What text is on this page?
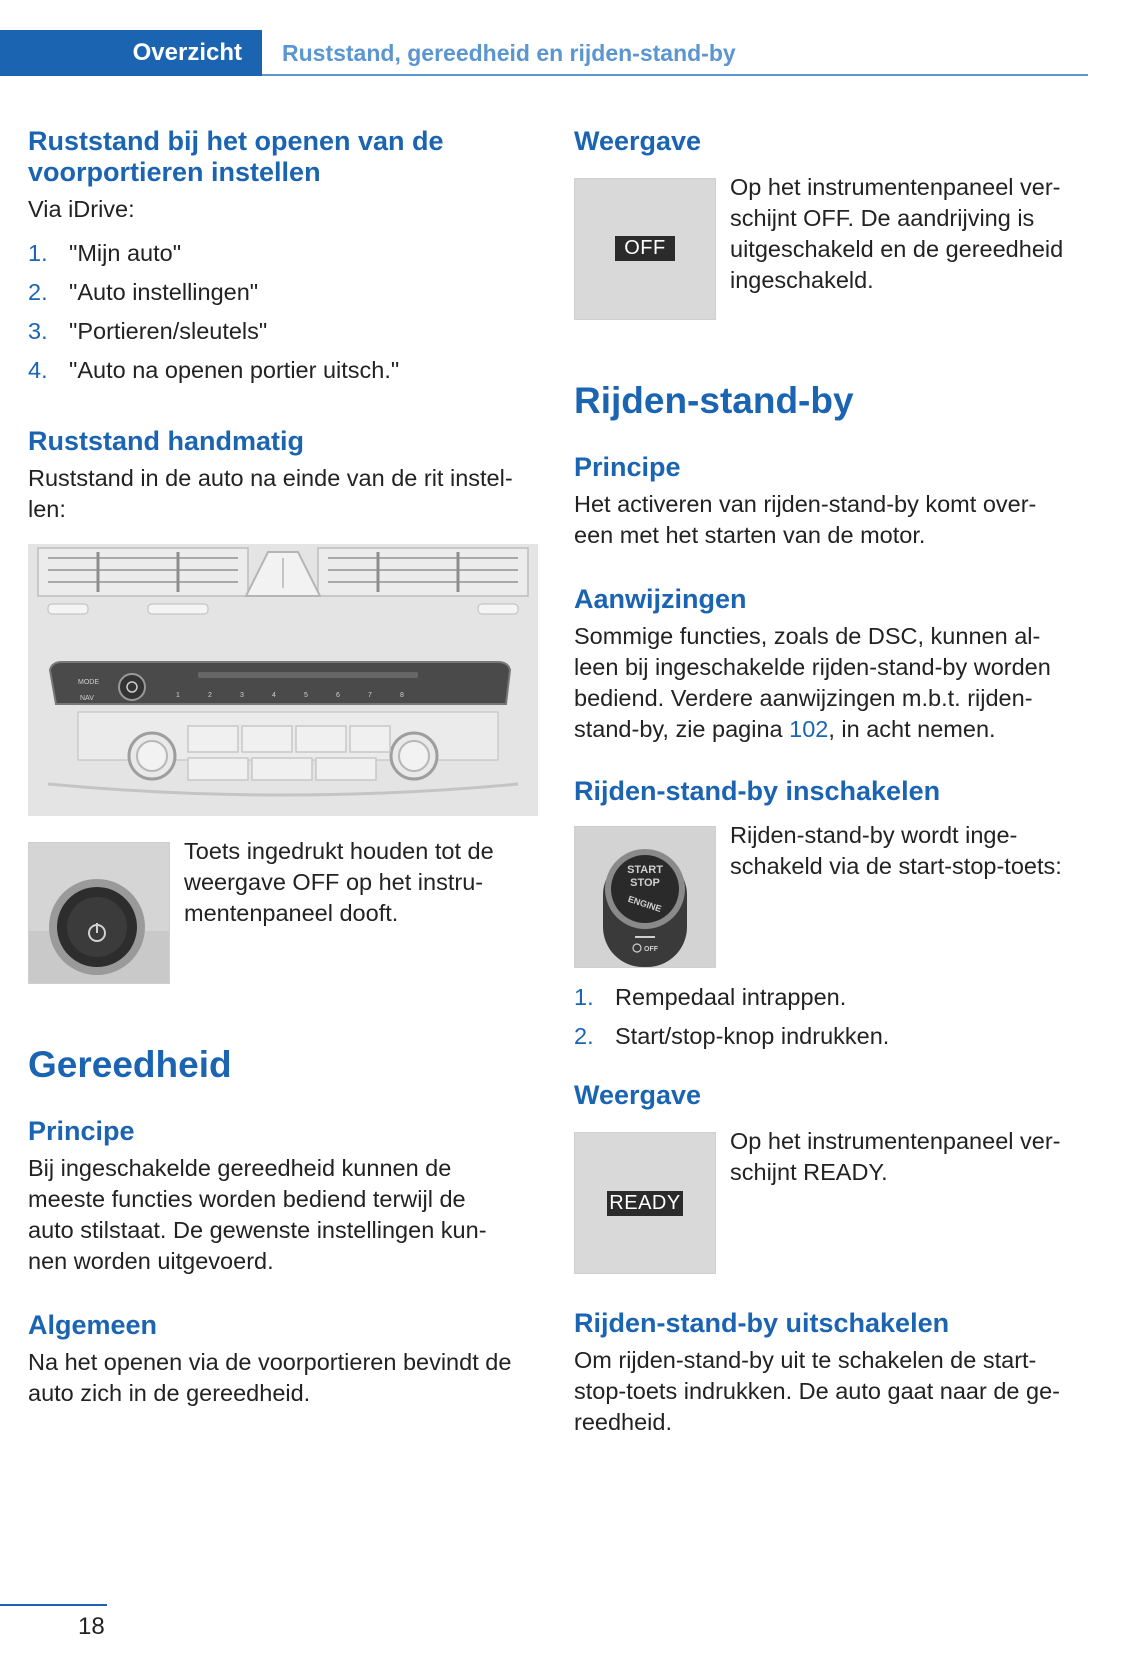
Overzicht	Ruststand, gereedheid en rijden-stand-by
Ruststand bij het openen van de
voorportieren instellen
Via iDrive:
1. "Mijn auto"
2. "Auto instellingen"
3. "Portieren/sleutels"
4. "Auto na openen portier uitsch."
Ruststand handmatig
Ruststand in de auto na einde van de rit instel-
len:
MODE
NAV	1	2	3	4	5	6	7	8
Toets ingedrukt houden tot de
weergave OFF op het instru-
mentenpaneel dooft.
Gereedheid
Principe
Bij ingeschakelde gereedheid kunnen de
meeste functies worden bediend terwijl de
auto stilstaat. De gewenste instellingen kun-
nen worden uitgevoerd.
Algemeen
Na het openen via de voorportieren bevindt de
auto zich in de gereedheid.
Weergave
OFF
Op het instrumentenpaneel ver-
schijnt OFF. De aandrijving is
uitgeschakeld en de gereedheid
ingeschakeld.
Rijden-stand-by
Principe
Het activeren van rijden-stand-by komt over-
een met het starten van de motor.
Aanwijzingen
Sommige functies, zoals de DSC, kunnen al-
leen bij ingeschakelde rijden-stand-by worden
bediend. Verdere aanwijzingen m.b.t. rijden-
stand-by, zie pagina 102, in acht nemen.
Rijden-stand-by inschakelen
START
STOP
ENGINE
OFF
Rijden-stand-by wordt inge-
schakeld via de start-stop-toets:
1. Rempedaal intrappen.
2. Start/stop-knop indrukken.
Weergave
READY
Op het instrumentenpaneel ver-
schijnt READY.
Rijden-stand-by uitschakelen
Om rijden-stand-by uit te schakelen de start-
stop-toets indrukken. De auto gaat naar de ge-
reedheid.
18
